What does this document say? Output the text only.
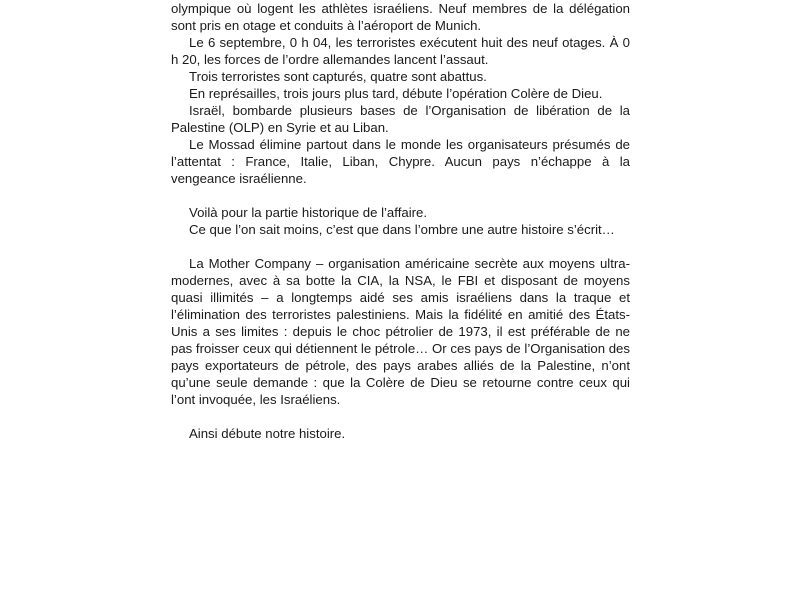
olympique où logent les athlètes israéliens. Neuf membres de la délégation sont pris en otage et conduits à l’aéroport de Munich.

Le 6 septembre, 0 h 04, les terroristes exécutent huit des neuf otages. À 0 h 20, les forces de l’ordre allemandes lancent l’assaut.

Trois terroristes sont capturés, quatre sont abattus.

En représailles, trois jours plus tard, débute l’opération Colère de Dieu.

Israël, bombarde plusieurs bases de l’Organisation de libération de la Palestine (OLP) en Syrie et au Liban.

Le Mossad élimine partout dans le monde les organisateurs présumés de l’attentat : France, Italie, Liban, Chypre. Aucun pays n’échappe à la vengeance israélienne.

Voilà pour la partie historique de l’affaire.

Ce que l’on sait moins, c’est que dans l’ombre une autre histoire s’écrit…

La Mother Company – organisation américaine secrète aux moyens ultra-modernes, avec à sa botte la CIA, la NSA, le FBI et disposant de moyens quasi illimités – a longtemps aidé ses amis israéliens dans la traque et l’élimination des terroristes palestiniens. Mais la fidélité en amitié des États-Unis a ses limites : depuis le choc pétrolier de 1973, il est préférable de ne pas froisser ceux qui détiennent le pétrole… Or ces pays de l’Organisation des pays exportateurs de pétrole, des pays arabes alliés de la Palestine, n’ont qu’une seule demande : que la Colère de Dieu se retourne contre ceux qui l’ont invoquée, les Israéliens.

Ainsi débute notre histoire.
